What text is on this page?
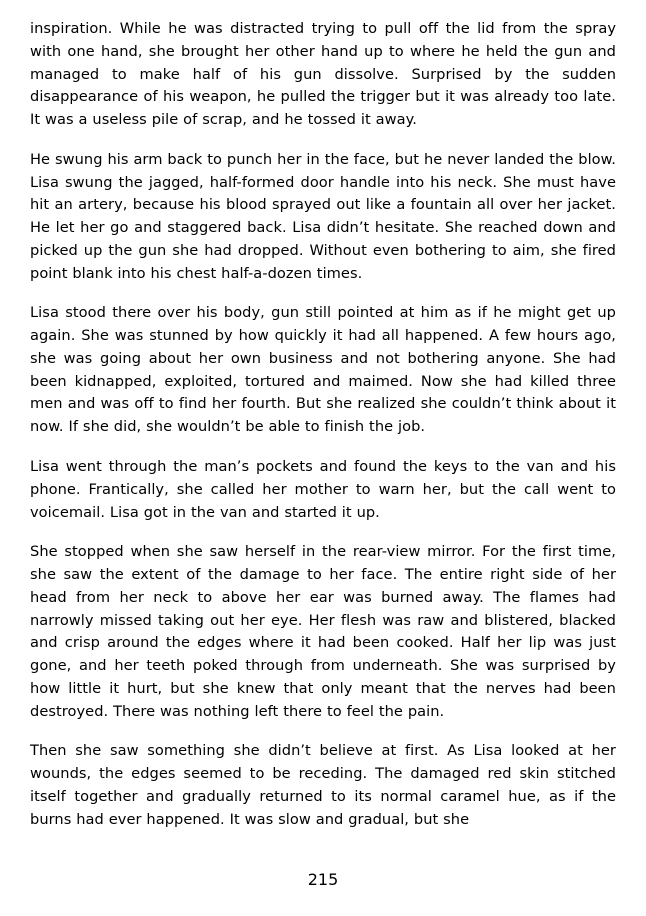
inspiration. While he was distracted trying to pull off the lid from the spray with one hand, she brought her other hand up to where he held the gun and managed to make half of his gun dissolve. Surprised by the sudden disappearance of his weapon, he pulled the trigger but it was already too late. It was a useless pile of scrap, and he tossed it away.

He swung his arm back to punch her in the face, but he never landed the blow. Lisa swung the jagged, half-formed door handle into his neck. She must have hit an artery, because his blood sprayed out like a fountain all over her jacket. He let her go and staggered back. Lisa didn’t hesitate. She reached down and picked up the gun she had dropped. Without even bothering to aim, she fired point blank into his chest half-a-dozen times.

Lisa stood there over his body, gun still pointed at him as if he might get up again. She was stunned by how quickly it had all happened. A few hours ago, she was going about her own business and not bothering anyone. She had been kidnapped, exploited, tortured and maimed. Now she had killed three men and was off to find her fourth. But she realized she couldn’t think about it now. If she did, she wouldn’t be able to finish the job.

Lisa went through the man’s pockets and found the keys to the van and his phone. Frantically, she called her mother to warn her, but the call went to voicemail. Lisa got in the van and started it up.

She stopped when she saw herself in the rear-view mirror. For the first time, she saw the extent of the damage to her face. The entire right side of her head from her neck to above her ear was burned away. The flames had narrowly missed taking out her eye. Her flesh was raw and blistered, blacked and crisp around the edges where it had been cooked. Half her lip was just gone, and her teeth poked through from underneath. She was surprised by how little it hurt, but she knew that only meant that the nerves had been destroyed. There was nothing left there to feel the pain.

Then she saw something she didn’t believe at first. As Lisa looked at her wounds, the edges seemed to be receding. The damaged red skin stitched itself together and gradually returned to its normal caramel hue, as if the burns had ever happened. It was slow and gradual, but she

215
